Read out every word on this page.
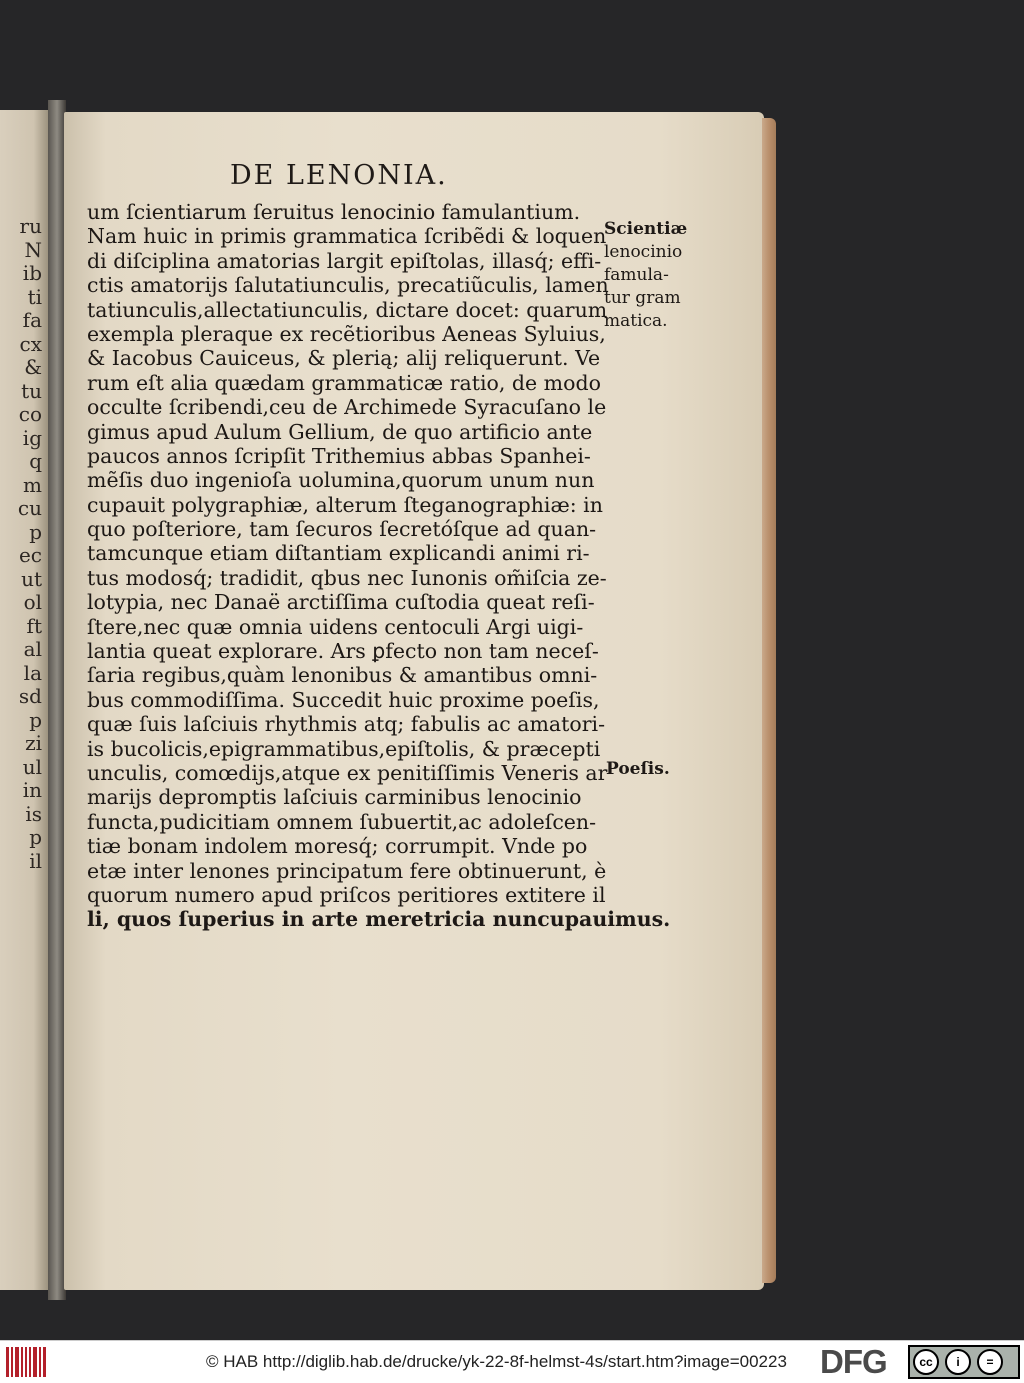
ru
N
ib
ti
fa
cx
&
tu
co
ig
q
m
cu
p
ec
ut
ol
ft
al
la
sd
p
zi
ul
in
is
p
il
DE LENONIA.
um ſcientiarum ſeruitus lenocinio famulantium.
Nam huic in primis grammatica ſcribẽdi & loquen
di diſciplina amatorias largit epiſtolas, illasq́; effi-
ctis amatorijs ſalutatiunculis, precatiũculis, lamen
tatiunculis,allectatiunculis, dictare docet: quarum
exempla pleraque ex recẽtioribus Aeneas Syluius,
& Iacobus Cauiceus, & plerią; alij reliquerunt. Ve
rum eſt alia quædam grammaticæ ratio, de modo
occulte ſcribendi,ceu de Archimede Syracuſano le
gimus apud Aulum Gellium, de quo artificio ante
paucos annos ſcripſit Trithemius abbas Spanhei-
mẽſis duo ingenioſa uolumina,quorum unum nun
cupauit polygraphiæ, alterum ſteganographiæ: in
quo poſteriore, tam ſecuros ſecretóſque ad quan-
tamcunque etiam diſtantiam explicandi animi ri-
tus modosq́; tradidit, qbus nec Iunonis om̃iſcia ze-
lotypia, nec Danaë arctiſſima cuſtodia queat reſi-
ſtere,nec quæ omnia uidens centoculi Argi uigi-
lantia queat explorare. Ars ꝑfecto non tam neceſ-
ſaria regibus,quàm lenonibus & amantibus omni-
bus commodiſſima. Succedit huic proxime poeſis,
quæ ſuis laſciuis rhythmis atq; fabulis ac amatori-
is bucolicis,epigrammatibus,epiſtolis, & præcepti
unculis, comœdijs,atque ex penitiſſimis Veneris ar
marijs depromptis laſciuis carminibus lenocinio
functa,pudicitiam omnem ſubuertit,ac adoleſcen-
tiæ bonam indolem moresq́; corrumpit. Vnde po
etæ inter lenones principatum fere obtinuerunt, è
quorum numero apud priſcos peritiores extitere il
li, quos ſuperius in arte meretricia nuncupauimus.
Scientiæ
lenocinio
famula-
tur gram
matica.
Poeſis.
© HAB http://diglib.hab.de/drucke/yk-22-8f-helmst-4s/start.htm?image=00223 DFG	cc	i	=
